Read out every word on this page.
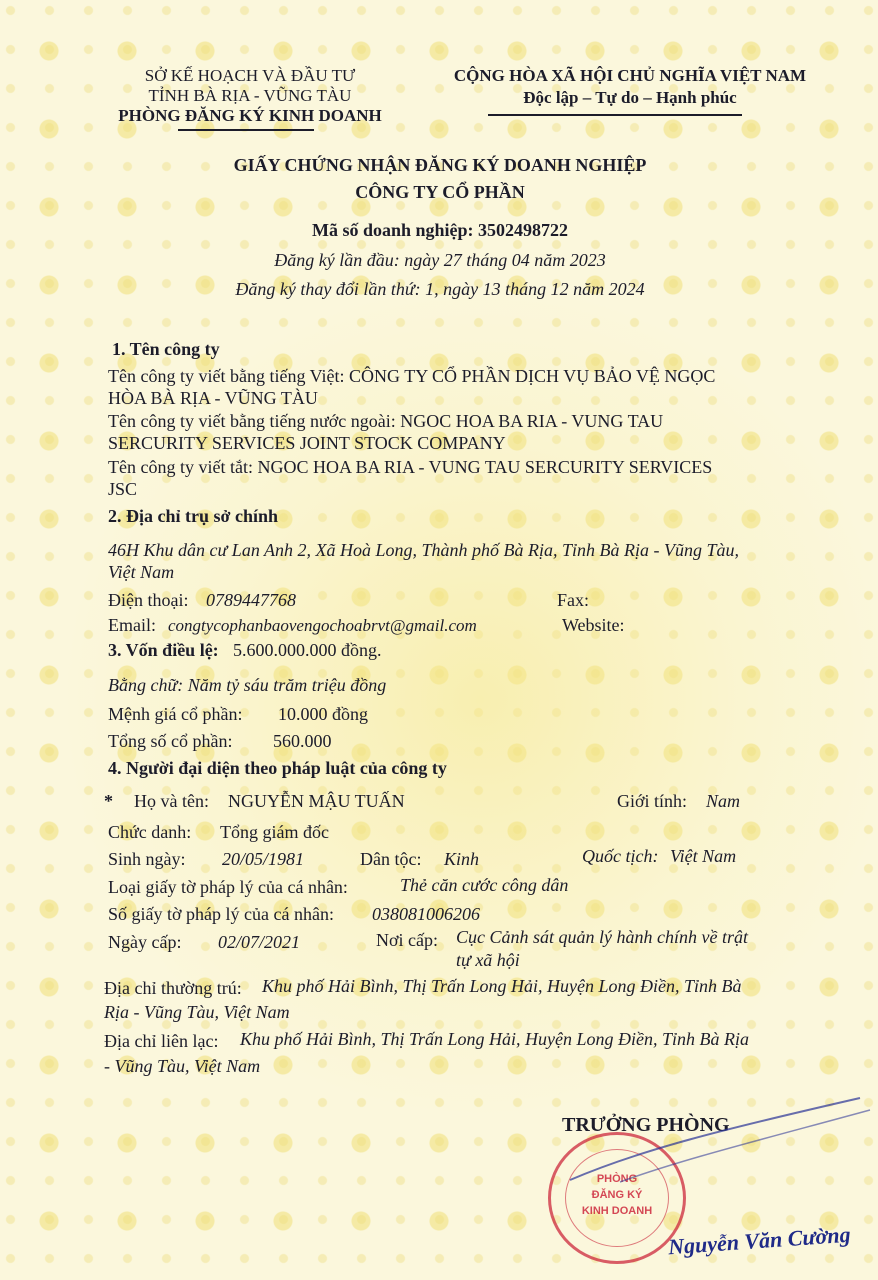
SỞ KẾ HOẠCH VÀ ĐẦU TƯ
TỈNH BÀ RỊA - VŨNG TÀU
PHÒNG ĐĂNG KÝ KINH DOANH
CỘNG HÒA XÃ HỘI CHỦ NGHĨA VIỆT NAM
Độc lập – Tự do – Hạnh phúc
GIẤY CHỨNG NHẬN ĐĂNG KÝ DOANH NGHIỆP
CÔNG TY CỔ PHẦN
Mã số doanh nghiệp: 3502498722
Đăng ký lần đầu: ngày 27 tháng 04 năm 2023
Đăng ký thay đổi lần thứ: 1, ngày 13 tháng 12 năm 2024
1. Tên công ty
Tên công ty viết bằng tiếng Việt: CÔNG TY CỔ PHẦN DỊCH VỤ BẢO VỆ NGỌC
HÒA BÀ RỊA - VŨNG TÀU
Tên công ty viết bằng tiếng nước ngoài: NGOC HOA BA RIA - VUNG TAU
SERCURITY SERVICES JOINT STOCK COMPANY
Tên công ty viết tắt: NGOC HOA BA RIA - VUNG TAU SERCURITY SERVICES
JSC
2. Địa chỉ trụ sở chính
46H Khu dân cư Lan Anh 2, Xã Hoà Long, Thành phố Bà Rịa, Tỉnh Bà Rịa - Vũng Tàu,
Việt Nam
Điện thoại: 0789447768	Fax:
Email: congtycophanbaovengochoabrvt@gmail.com	Website:
3. Vốn điều lệ: 5.600.000.000 đồng.
Bằng chữ: Năm tỷ sáu trăm triệu đồng
Mệnh giá cổ phần: 10.000 đồng
Tổng số cổ phần: 560.000
4. Người đại diện theo pháp luật của công ty
* Họ và tên: NGUYỄN MẬU TUẤN	Giới tính: Nam
Chức danh: Tổng giám đốc
Sinh ngày: 20/05/1981	Dân tộc: Kinh	Quốc tịch: Việt Nam
Loại giấy tờ pháp lý của cá nhân:	Thẻ căn cước công dân
Số giấy tờ pháp lý của cá nhân: 038081006206
Ngày cấp: 02/07/2021	Nơi cấp: Cục Cảnh sát quản lý hành chính về trật
tự xã hội
Địa chỉ thường trú: Khu phố Hải Bình, Thị Trấn Long Hải, Huyện Long Điền, Tỉnh Bà
Rịa - Vũng Tàu, Việt Nam
Địa chỉ liên lạc: Khu phố Hải Bình, Thị Trấn Long Hải, Huyện Long Điền, Tỉnh Bà Rịa
- Vũng Tàu, Việt Nam
TRƯỞNG PHÒNG
PHÒNG
ĐĂNG KÝ
KINH DOANH
Nguyễn Văn Cường
